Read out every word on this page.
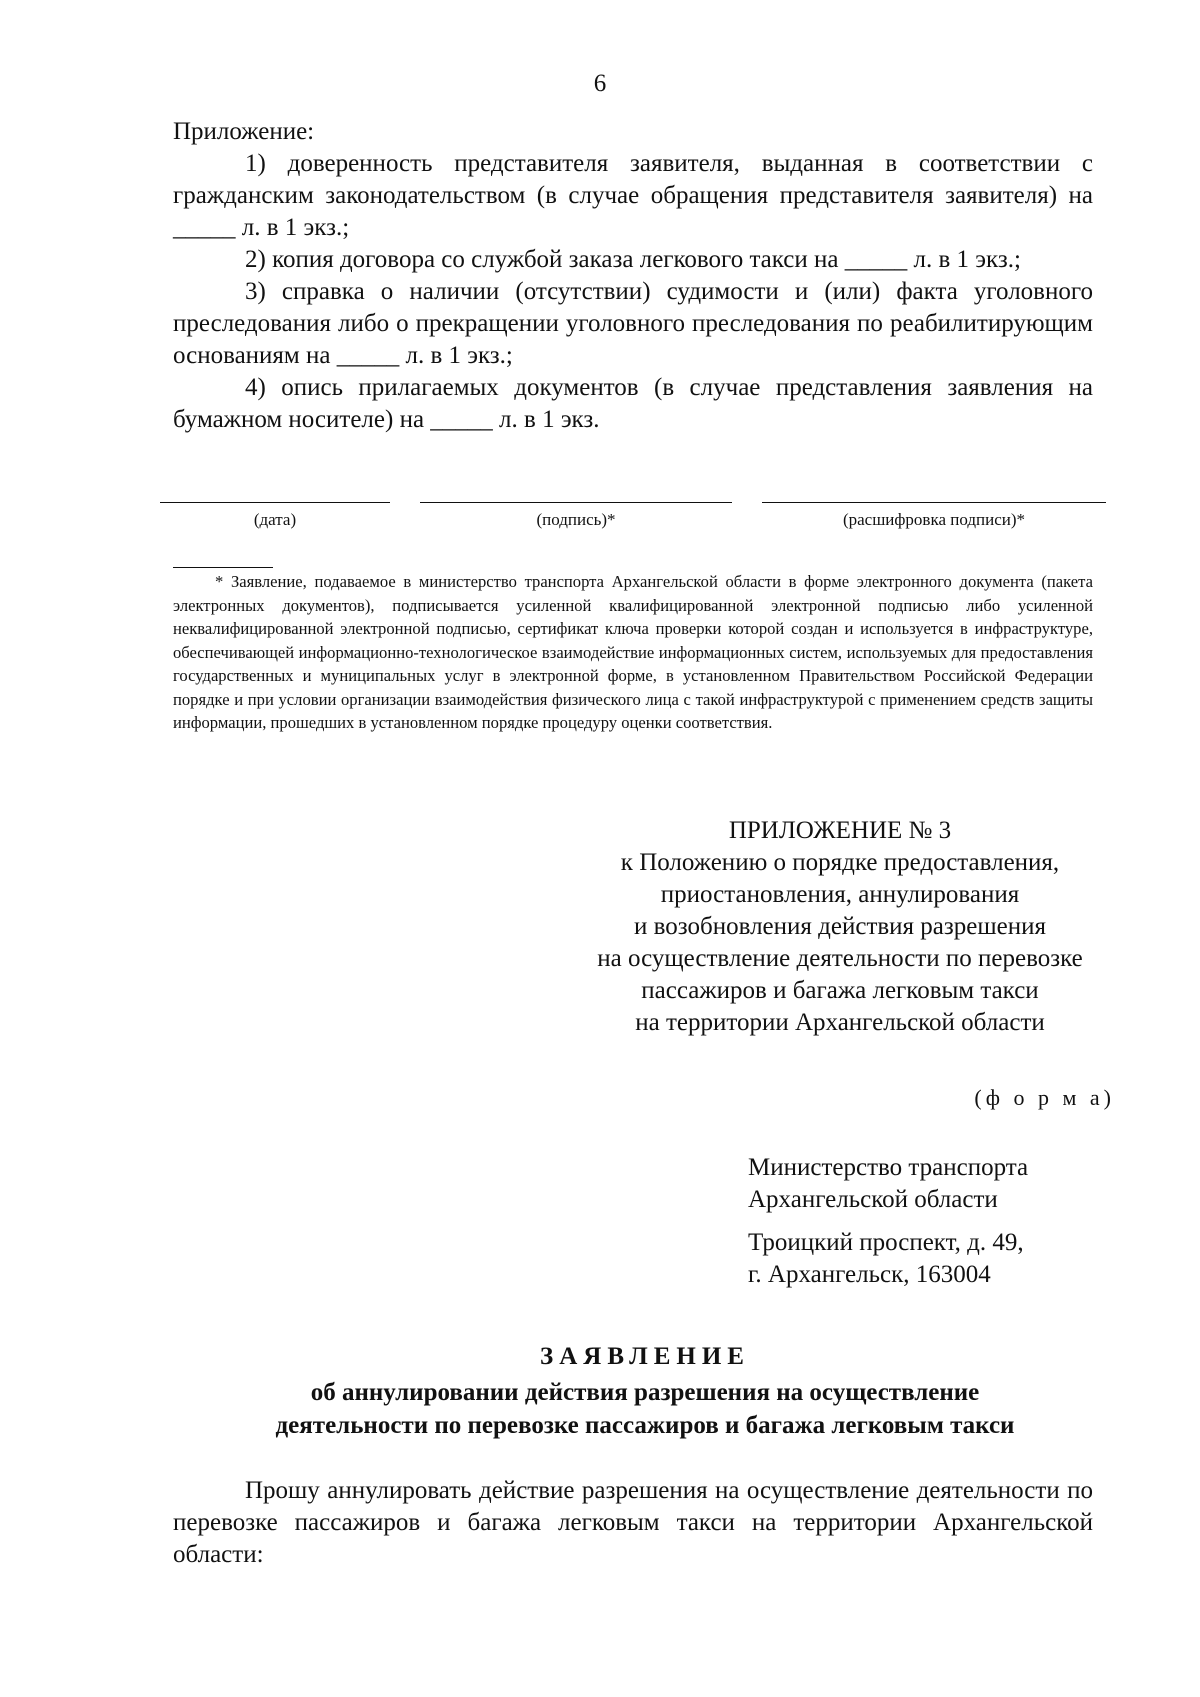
6

Приложение:

1) доверенность представителя заявителя, выданная в соответствии с гражданским законодательством (в случае обращения представителя заявителя) на _____ л. в 1 экз.;

2) копия договора со службой заказа легкового такси на _____ л. в 1 экз.;

3) справка о наличии (отсутствии) судимости и (или) факта уголовного преследования либо о прекращении уголовного преследования по реабилитирующим основаниям на _____ л. в 1 экз.;

4) опись прилагаемых документов (в случае представления заявления на бумажном носителе) на _____ л. в 1 экз.

(дата)	(подпись)*	(расшифровка подписи)*
* Заявление, подаваемое в министерство транспорта Архангельской области в форме электронного документа (пакета электронных документов), подписывается усиленной квалифицированной электронной подписью либо усиленной неквалифицированной электронной подписью, сертификат ключа проверки которой создан и используется в инфраструктуре, обеспечивающей информационно-технологическое взаимодействие информационных систем, используемых для предоставления государственных и муниципальных услуг в электронной форме, в установленном Правительством Российской Федерации порядке и при условии организации взаимодействия физического лица с такой инфраструктурой с применением средств защиты информации, прошедших в установленном порядке процедуру оценки соответствия.
ПРИЛОЖЕНИЕ № 3
к Положению о порядке предоставления,
приостановления, аннулирования
и возобновления действия разрешения
на осуществление деятельности по перевозке
пассажиров и багажа легковым такси
на территории Архангельской области
(ф о р м а)
Министерство транспорта
Архангельской области
Троицкий проспект, д. 49,
г. Архангельск, 163004
ЗАЯВЛЕНИЕ
об аннулировании действия разрешения на осуществление
деятельности по перевозке пассажиров и багажа легковым такси
Прошу аннулировать действие разрешения на осуществление деятельности по перевозке пассажиров и багажа легковым такси на территории Архангельской области:
